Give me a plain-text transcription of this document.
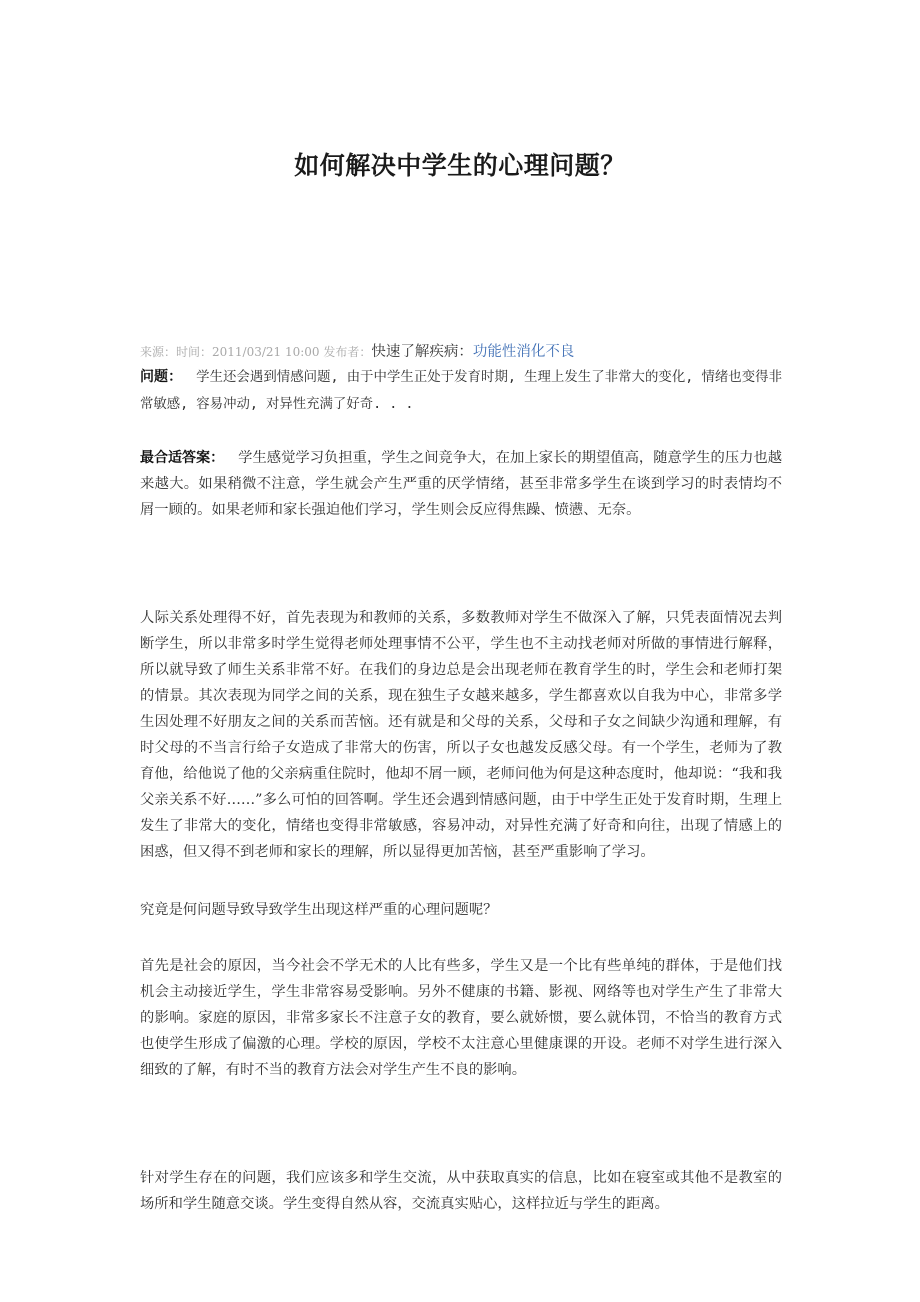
如何解决中学生的心理问题？
来源：时间：2011/03/21 10:00 发布者：快速了解疾病：功能性消化不良
问题： 学生还会遇到情感问题, 由于中学生正处于发育时期, 生理上发生了非常大的变化, 情绪也变得非常敏感, 容易冲动, 对异性充满了好奇. . .
最合适答案： 学生感觉学习负担重，学生之间竞争大，在加上家长的期望值高，随意学生的压力也越来越大。如果稍微不注意，学生就会产生严重的厌学情绪，甚至非常多学生在谈到学习的时表情均不屑一顾的。如果老师和家长强迫他们学习，学生则会反应得焦躁、愤懑、无奈。
人际关系处理得不好，首先表现为和教师的关系，多数教师对学生不做深入了解，只凭表面情况去判断学生，所以非常多时学生觉得老师处理事情不公平，学生也不主动找老师对所做的事情进行解释，所以就导致了师生关系非常不好。在我们的身边总是会出现老师在教育学生的时，学生会和老师打架的情景。其次表现为同学之间的关系，现在独生子女越来越多，学生都喜欢以自我为中心，非常多学生因处理不好朋友之间的关系而苦恼。还有就是和父母的关系，父母和子女之间缺少沟通和理解，有时父母的不当言行给子女造成了非常大的伤害，所以子女也越发反感父母。有一个学生，老师为了教育他，给他说了他的父亲病重住院时，他却不屑一顾，老师问他为何是这种态度时，他却说：“我和我父亲关系不好……”多么可怕的回答啊。学生还会遇到情感问题，由于中学生正处于发育时期，生理上发生了非常大的变化，情绪也变得非常敏感，容易冲动，对异性充满了好奇和向往，出现了情感上的困惑，但又得不到老师和家长的理解，所以显得更加苦恼，甚至严重影响了学习。
究竟是何问题导致导致学生出现这样严重的心理问题呢？
首先是社会的原因，当今社会不学无术的人比有些多，学生又是一个比有些单纯的群体，于是他们找机会主动接近学生，学生非常容易受影响。另外不健康的书籍、影视、网络等也对学生产生了非常大的影响。家庭的原因，非常多家长不注意子女的教育，要么就娇惯，要么就体罚，不恰当的教育方式也使学生形成了偏激的心理。学校的原因，学校不太注意心里健康课的开设。老师不对学生进行深入细致的了解，有时不当的教育方法会对学生产生不良的影响。
针对学生存在的问题，我们应该多和学生交流，从中获取真实的信息，比如在寝室或其他不是教室的场所和学生随意交谈。学生变得自然从容，交流真实贴心，这样拉近与学生的距离。
